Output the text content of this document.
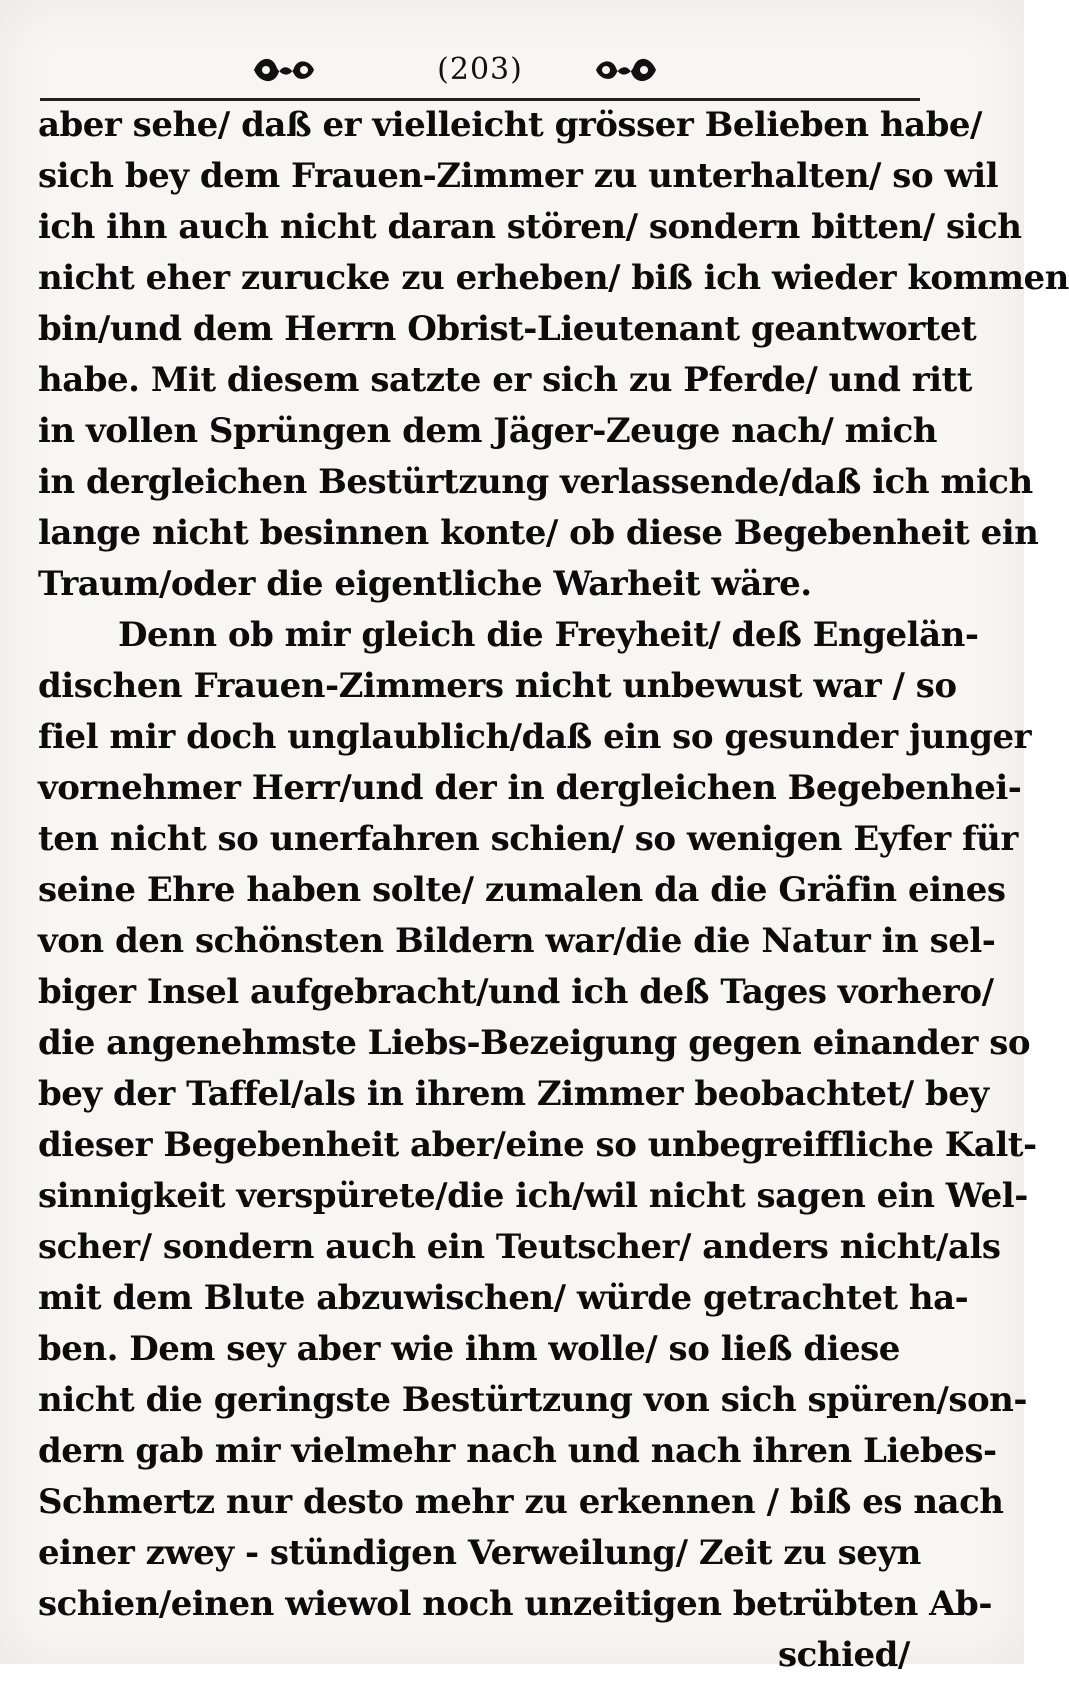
(203)
aber sehe/ daß er vielleicht grösser Belieben habe/
sich bey dem Frauen-Zimmer zu unterhalten/ so wil
ich ihn auch nicht daran stören/ sondern bitten/ sich
nicht eher zurucke zu erheben/ biß ich wieder kommen
bin/und dem Herrn Obrist-Lieutenant geantwortet
habe. Mit diesem satzte er sich zu Pferde/ und ritt
in vollen Sprüngen dem Jäger-Zeuge nach/ mich
in dergleichen Bestürtzung verlassende/daß ich mich
lange nicht besinnen konte/ ob diese Begebenheit ein
Traum/oder die eigentliche Warheit wäre.
Denn ob mir gleich die Freyheit/ deß Engelän-
dischen Frauen-Zimmers nicht unbewust war / so
fiel mir doch unglaublich/daß ein so gesunder junger
vornehmer Herr/und der in dergleichen Begebenhei-
ten nicht so unerfahren schien/ so wenigen Eyfer für
seine Ehre haben solte/ zumalen da die Gräfin eines
von den schönsten Bildern war/die die Natur in sel-
biger Insel aufgebracht/und ich deß Tages vorhero/
die angenehmste Liebs-Bezeigung gegen einander so
bey der Taffel/als in ihrem Zimmer beobachtet/ bey
dieser Begebenheit aber/eine so unbegreiffliche Kalt-
sinnigkeit verspürete/die ich/wil nicht sagen ein Wel-
scher/ sondern auch ein Teutscher/ anders nicht/als
mit dem Blute abzuwischen/ würde getrachtet ha-
ben. Dem sey aber wie ihm wolle/ so ließ diese
nicht die geringste Bestürtzung von sich spüren/son-
dern gab mir vielmehr nach und nach ihren Liebes-
Schmertz nur desto mehr zu erkennen / biß es nach
einer zwey - stündigen Verweilung/ Zeit zu seyn
schien/einen wiewol noch unzeitigen betrübten Ab-
schied/
